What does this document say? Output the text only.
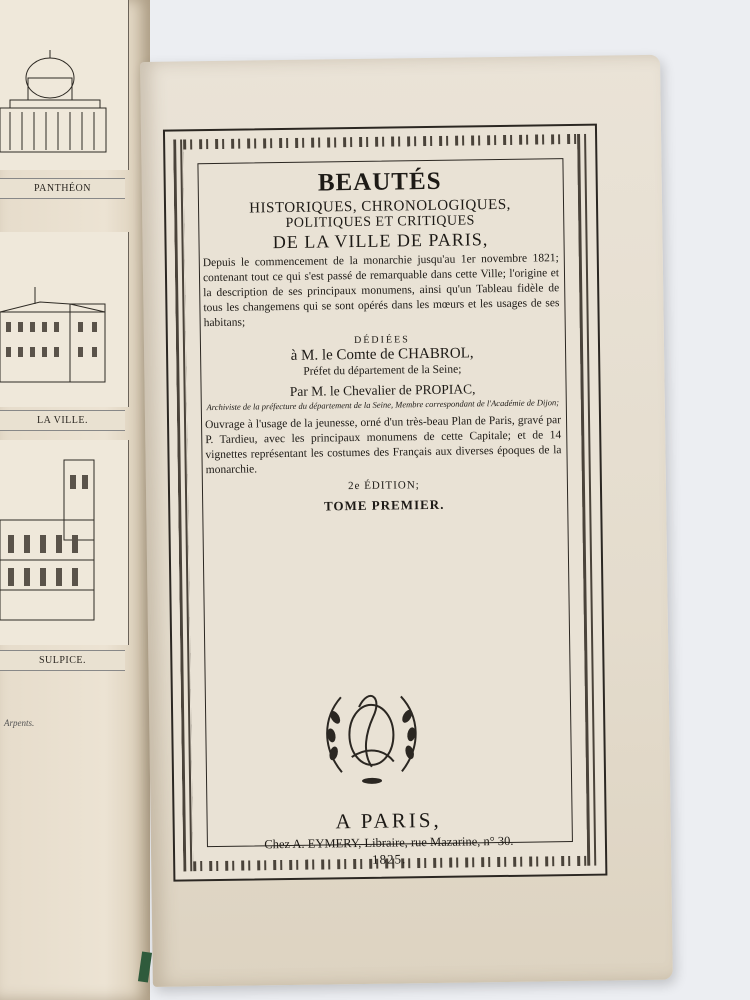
PANTHÉON
LA VILLE.
SULPICE.
Arpents.
BEAUTÉS
HISTORIQUES, CHRONOLOGIQUES,
POLITIQUES ET CRITIQUES
DE LA VILLE DE PARIS,
Depuis le commencement de la monarchie jusqu'au 1er novembre 1821; contenant tout ce qui s'est passé de remarquable dans cette Ville; l'origine et la description de ses principaux monumens, ainsi qu'un Tableau fidèle de tous les changemens qui se sont opérés dans les mœurs et les usages de ses habitans;
DÉDIÉES
à M. le Comte de CHABROL,
Préfet du département de la Seine;
Par M. le Chevalier de PROPIAC,
Archiviste de la préfecture du département de la Seine, Membre correspondant de l'Académie de Dijon;
Ouvrage à l'usage de la jeunesse, orné d'un très-beau Plan de Paris, gravé par P. Tardieu, avec les principaux monumens de cette Capitale; et de 14 vignettes représentant les costumes des Français aux diverses époques de la monarchie.
2e ÉDITION;
TOME PREMIER.
A PARIS,
Chez A. EYMERY, Libraire, rue Mazarine, n° 30.
1825.
